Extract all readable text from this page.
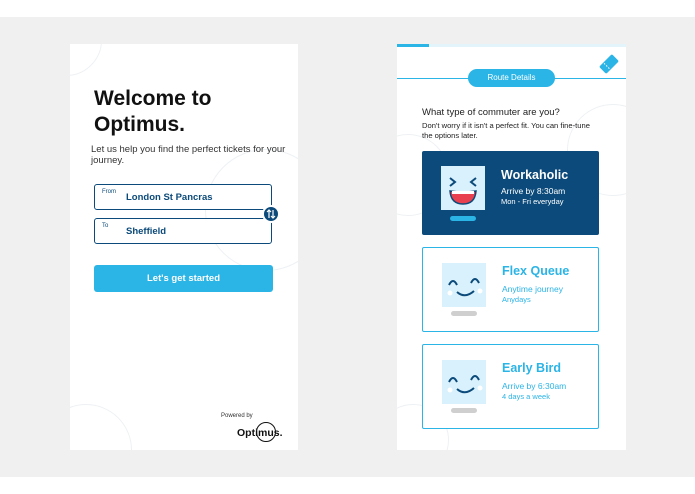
Welcome to
Optimus.
Let us help you find the perfect tickets for your journey.
From London St Pancras
To Sheffield
Let's get started
Powered by
Optimus.
Route Details
What type of commuter are you?
Don't worry if it isn't a perfect fit. You can fine-tune the options later.
Workaholic
Arrive by 8:30am
Mon - Fri everyday
Flex Queue
Anytime journey
Anydays
Early Bird
Arrive by 6:30am
4 days a week
